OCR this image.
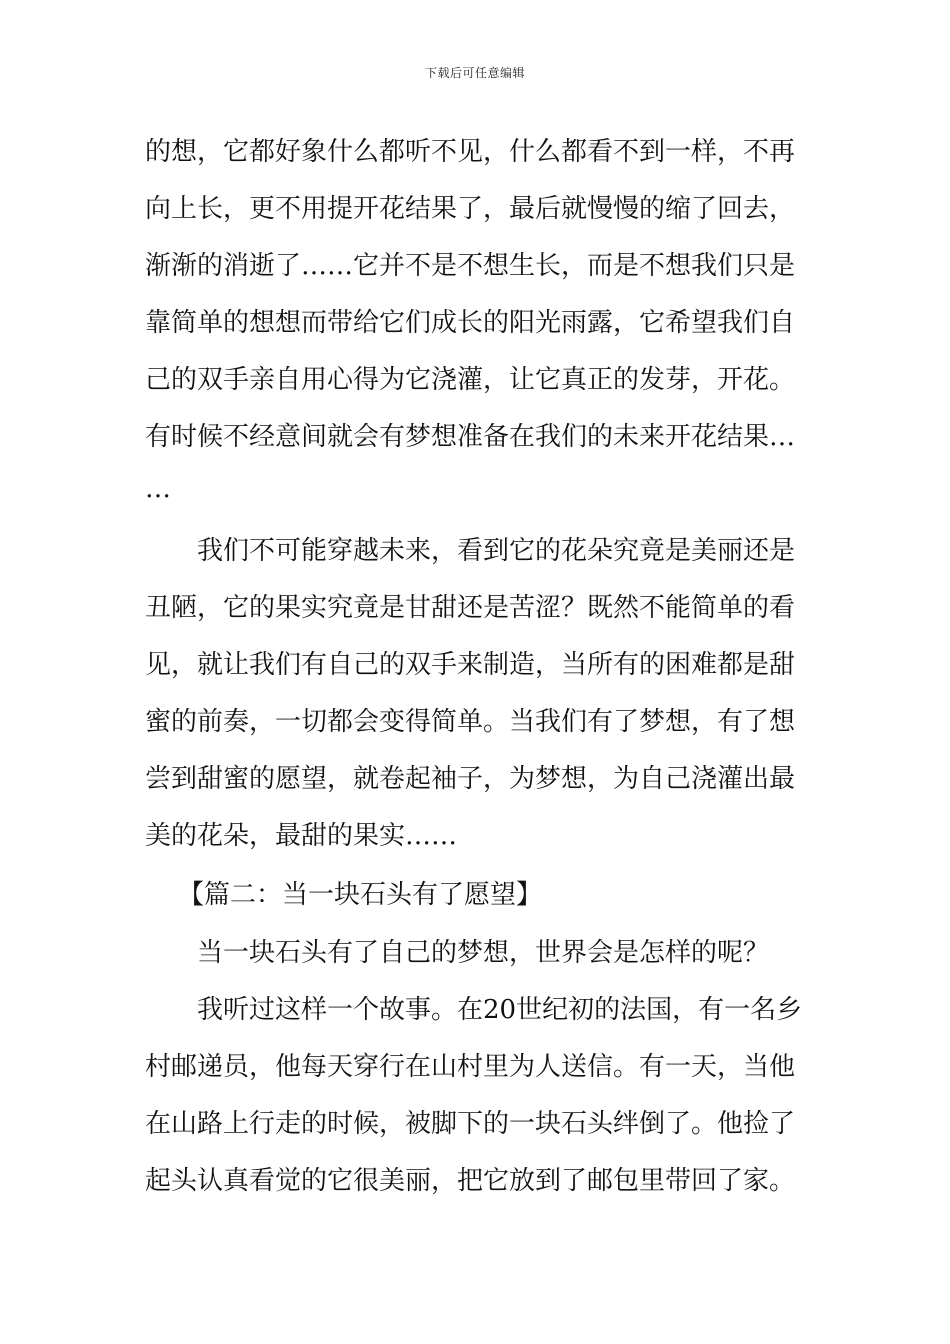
下载后可任意编辑
的想，它都好象什么都听不见，什么都看不到一样，不再
向上长，更不用提开花结果了，最后就慢慢的缩了回去，
渐渐的消逝了……它并不是不想生长，而是不想我们只是
靠简单的想想而带给它们成长的阳光雨露，它希望我们自
己的双手亲自用心得为它浇灌，让它真正的发芽，开花。
有时候不经意间就会有梦想准备在我们的未来开花结果…
…
我们不可能穿越未来，看到它的花朵究竟是美丽还是
丑陋，它的果实究竟是甘甜还是苦涩？既然不能简单的看
见，就让我们有自己的双手来制造，当所有的困难都是甜
蜜的前奏，一切都会变得简单。当我们有了梦想，有了想
尝到甜蜜的愿望，就卷起袖子，为梦想，为自己浇灌出最
美的花朵，最甜的果实……
【篇二：当一块石头有了愿望】
当一块石头有了自己的梦想，世界会是怎样的呢？
我听过这样一个故事。在20世纪初的法国，有一名乡
村邮递员，他每天穿行在山村里为人送信。有一天，当他
在山路上行走的时候，被脚下的一块石头绊倒了。他捡了
起头认真看觉的它很美丽，把它放到了邮包里带回了家。
